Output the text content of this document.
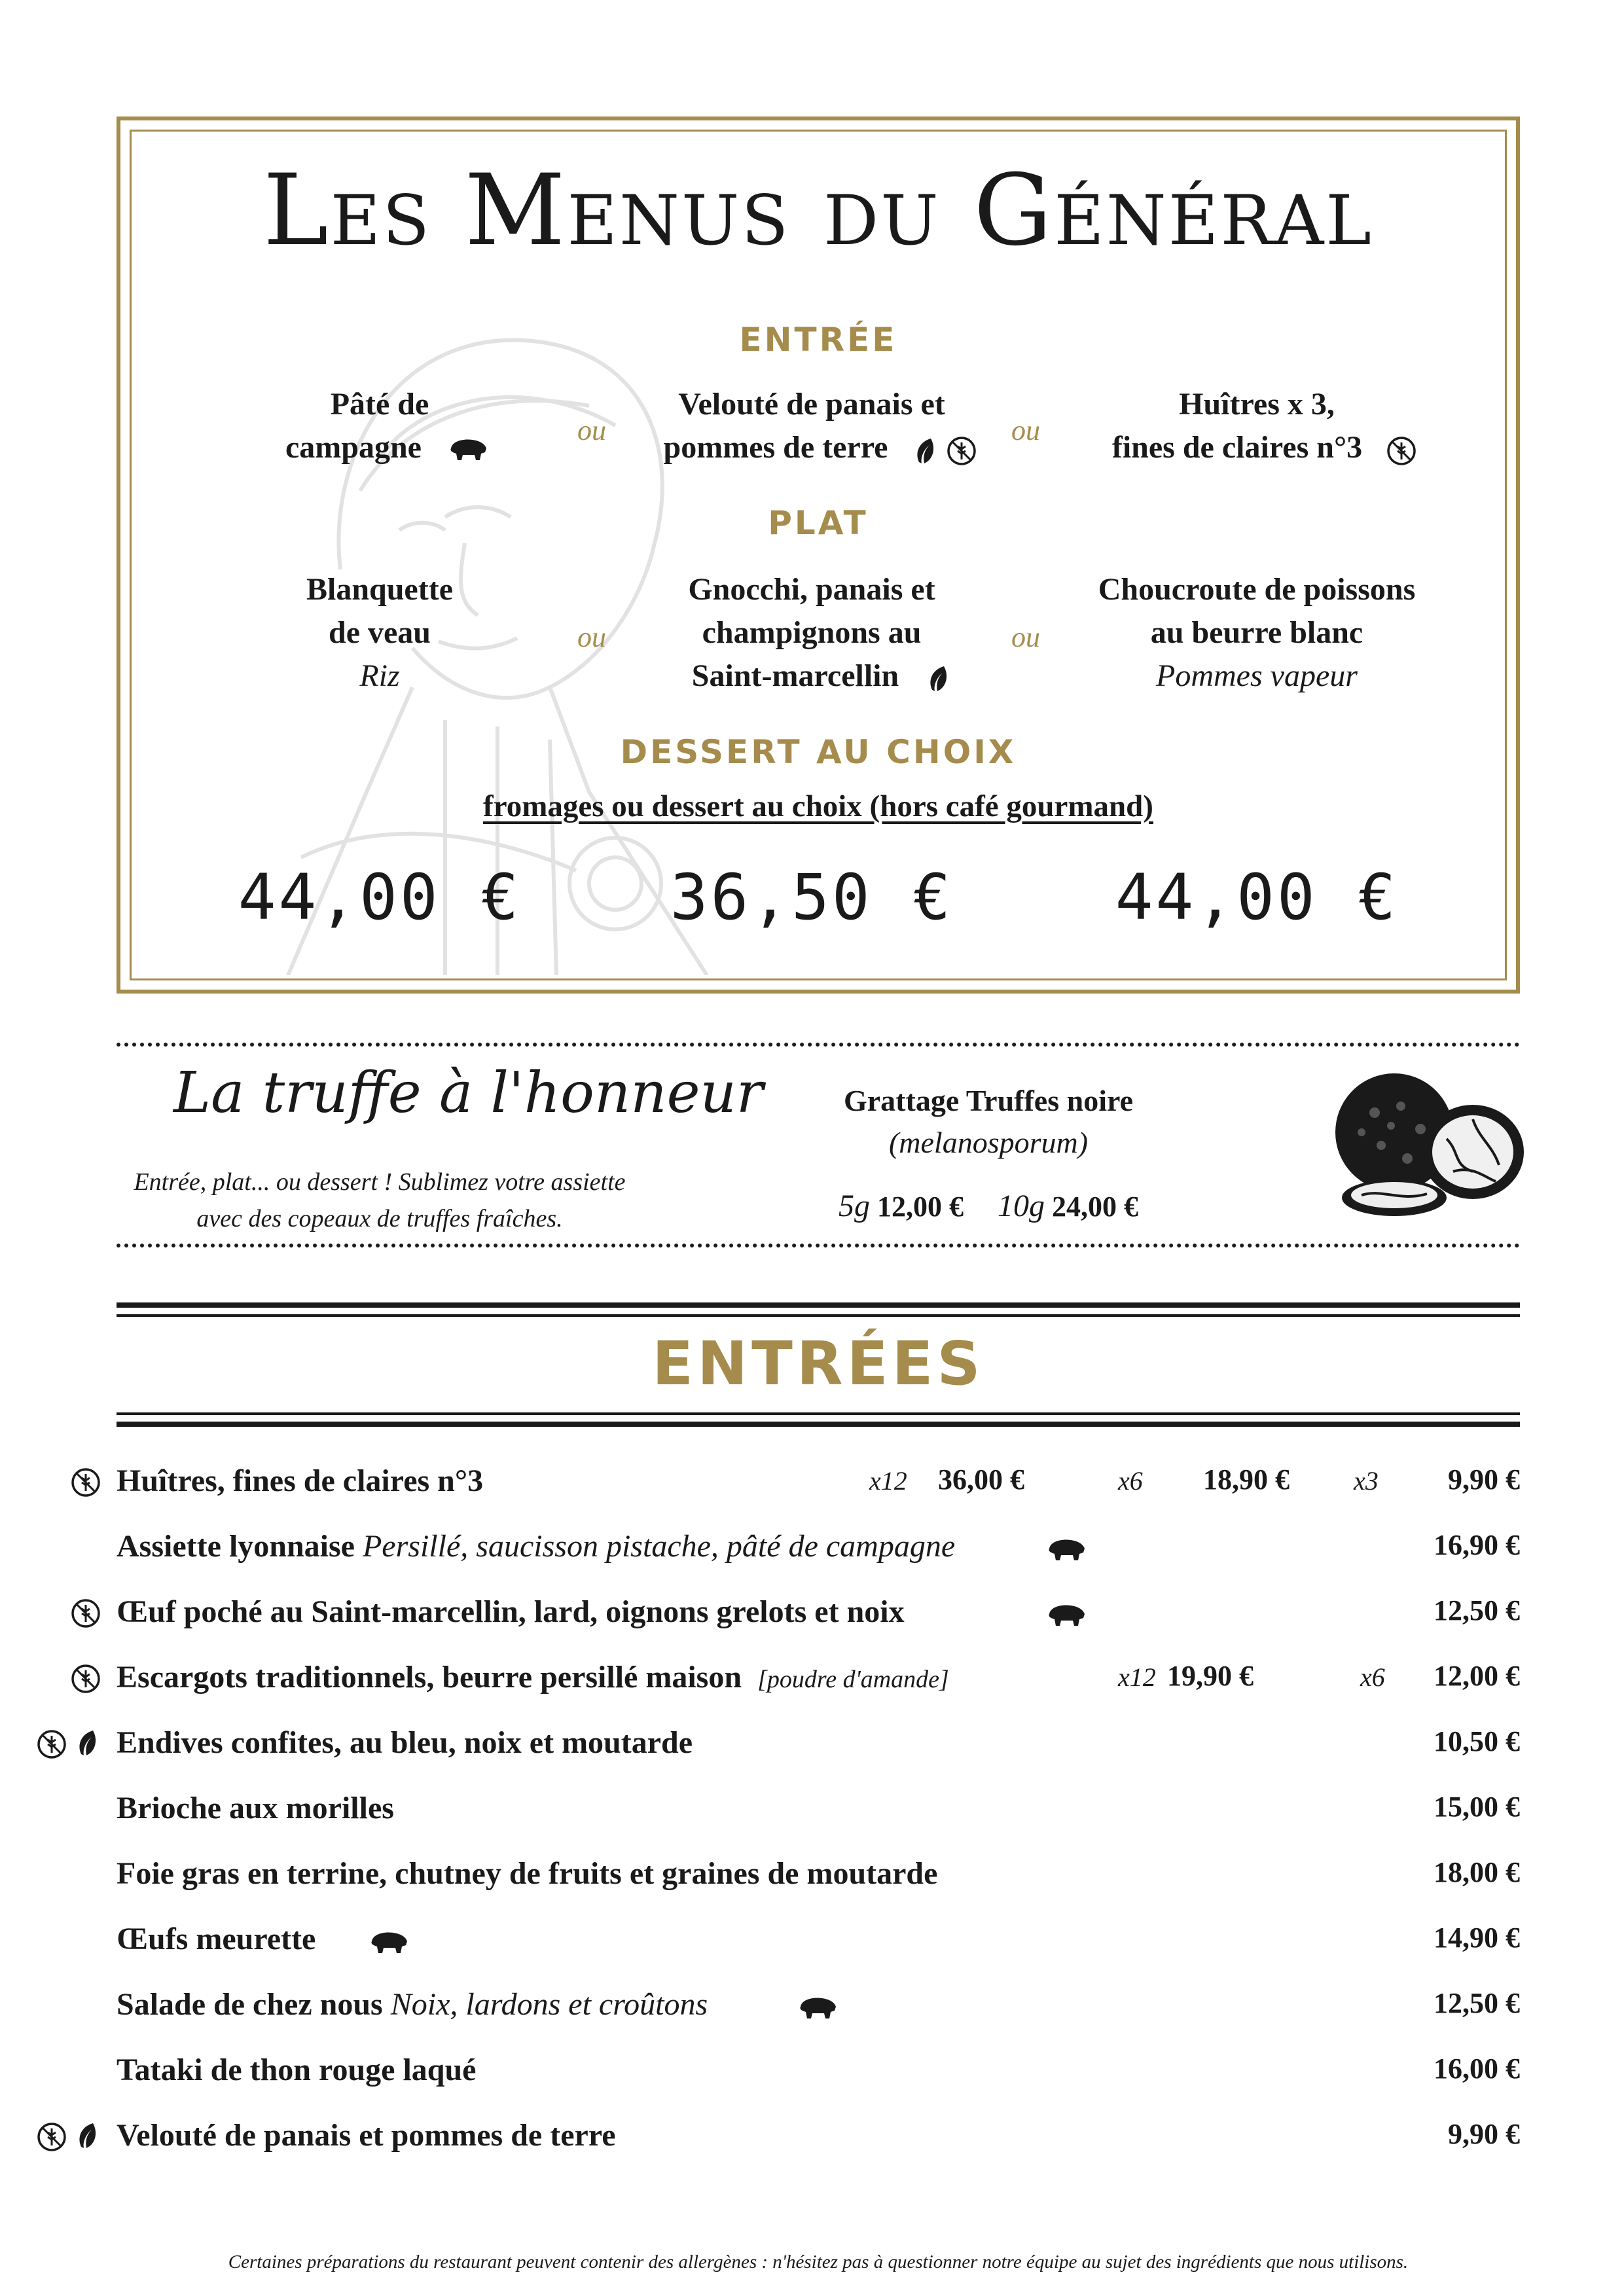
Les Menus du Général
ENTRÉE
Pâté de
campagne	ou
Velouté de panais et
pommes de terre	ou
Huîtres x 3,
fines de claires n°3
PLAT
Blanquette
de veau
Riz
ou
Gnocchi, panais et
champignons au
Saint-marcellin
ou
Choucroute de poissons
au beurre blanc
Pommes vapeur
DESSERT AU CHOIX
fromages ou dessert au choix (hors café gourmand)
44,00 €	36,50 €	44,00 €
La truffe à l'honneur
Entrée, plat... ou dessert ! Sublimez votre assiette
avec des copeaux de truffes fraîches.
Grattage Truffes noire
(melanosporum)
5g 12,00 € 10g 24,00 €
ENTRÉES
Huîtres, fines de claires n°3	x12 36,00 €	x6 18,90 € x3 9,90 €
Assiette lyonnaise Persillé, saucisson pistache, pâté de campagne	16,90 €
Œuf poché au Saint-marcellin, lard, oignons grelots et noix	12,50 €
Escargots traditionnels, beurre persillé maison [poudre d'amande]	x12 19,90 €	x6 12,00 €
Endives confites, au bleu, noix et moutarde	10,50 €
Brioche aux morilles	15,00 €
Foie gras en terrine, chutney de fruits et graines de moutarde	18,00 €
Œufs meurette	14,90 €
Salade de chez nous Noix, lardons et croûtons	12,50 €
Tataki de thon rouge laqué	16,00 €
Velouté de panais et pommes de terre	9,90 €
Certaines préparations du restaurant peuvent contenir des allergènes : n'hésitez pas à questionner notre équipe au sujet des ingrédients que nous utilisons.
